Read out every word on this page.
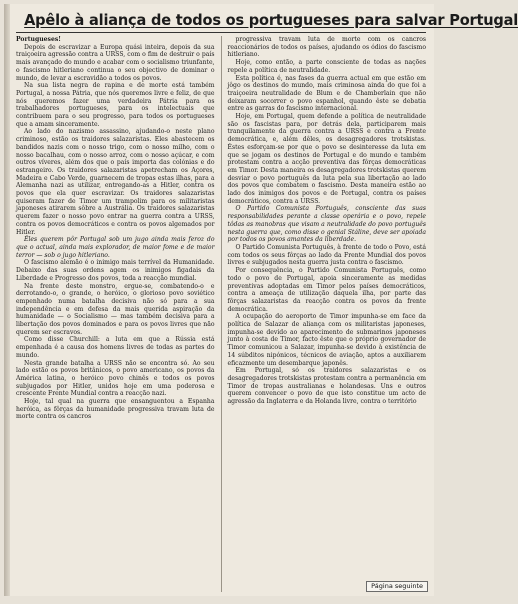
Apêlo à aliança de todos os portugueses para salvar Portugal

Portugueses!

Depois de escravizar a Europa quási inteira, depois da sua traiçoeira agressão contra a URSS, com o fim de destruir o país mais avançado do mundo e acabar com o socialismo triunfante, o fascismo hitleriano continua o seu objectivo de dominar o mundo, de levar a escravidão a todos os povos.

Na sua lista negra de rapina e de morte está também Portugal, a nossa Pátria, que nós queremos livre e feliz, de que nós queremos fazer uma verdadeira Pátria para os trabalhadores portugueses, para os intelectuais que contribuem para o seu progresso, para todos os portugueses que a amam sinceramente.

Ao lado do nazismo assassino, ajudando-o neste plano criminoso, estão os traidores salazaristas. Eles abastecem os bandidos nazis com o nosso trigo, com o nosso milho, com o nosso bacalhau, com o nosso arroz, com o nosso açúcar, e com outros víveres, além dos que o país importa das colónias e do estrangeiro. Os traidores salazaristas apetrecham os Açores, Madeira e Cabo Verde, guarnecem de tropas estas ilhas, para a Alemanha nazi as utilizar, entregando-as a Hitler, contra os povos que ela quer escravizar. Os traidores salazaristas quiseram fazer de Timor um trampolim para os militaristas japoneses atirarem sôbre a Austrália. Os traidores salazaristas querem fazer o nosso povo entrar na guerra contra a URSS, contra os povos democráticos e contra os povos algemados por Hitler.

Êles querem pôr Portugal sob um jugo ainda mais feroz do que o actual, ainda mais explorador, de maior fome e de maior terror — sob o jugo hitleriano.

O fascismo alemão é o inimigo mais terrível da Humanidade. Debaixo das suas ordens agem os inimigos figadais da Liberdade e Progresso dos povos, toda a reacção mundial.

Na frente deste monstro, ergue-se, combatendo-o e derrotando-o, o grande, o heróico, o glorioso povo soviético empenhado numa batalha decisiva não só para a sua independência e em defesa da mais querida aspiração da humanidade — o Socialismo — mas também decisiva para a libertação dos povos dominados e para os povos livres que não querem ser escravos.

Como disse Churchill: a luta em que a Rússia está empenhada é a causa dos homens livres de todas as partes do mundo.

Nesta grande batalha a URSS não se encontra só. Ao seu lado estão os povos britânicos, o povo americano, os povos da América latina, o heróico povo chinês e todos os povos subjugados por Hitler, unidos hoje em uma poderosa e crescente Frente Mundial contra a reacção nazi.

Hoje, tal qual na guerra que ensanguentou a Espanha heróica, as fôrças da humanidade progressiva travam luta de morte contra os cancros

progressiva travam luta de morte com os cancros reaccionários de todos os países, ajudando os ódios do fascismo hitleriano.

Hoje, como então, a parte consciente de todas as nações repele a política de neutralidade.

Esta política é, nas fases da guerra actual em que estão em jôgo os destinos do mundo, mais criminosa ainda do que foi a traiçoeira neutralidade de Blum e de Chamberlain que não deixaram socorrer o povo espanhol, quando êste se debatia entre as garras do fascismo internacional.

Hoje, em Portugal, quem defende a política de neutralidade são os fascistas para, por detrás dela, participarem mais tranquilamente da guerra contra a URSS e contra a Frente democrática, e, além dêles, os desagregadores trotskistas. Êstes esforçam-se por que o povo se desinteresse da luta em que se jogam os destinos de Portugal e do mundo e também protestam contra a acção preventiva das fôrças democráticas em Timor. Desta maneira os desagregadores trotskistas querem desviar o povo português da luta pela sua libertação ao lado dos povos que combatem o fascismo. Desta maneira estão ao lado dos inimigos dos povos e de Portugal, contra os países democráticos, contra a URSS.

O Partido Comunista Português, consciente das suas responsabilidades perante a classe operária e o povo, repele tôdas as manobras que visam a neutralidade do povo português nesta guerra que, como disse o genial Stáline, deve ser apoiada por todos os povos amantes da liberdade.

O Partido Comunista Português, à frente de todo o Povo, está com todos os seus fôrças ao lado da Frente Mundial dos povos livres e subjugados nesta guerra justa contra o fascismo.

Por consequência, o Partido Comunista Português, como todo o povo de Portugal, apoia sinceramente as medidas preventivas adoptadas em Timor pelos países democráticos, contra a ameaça de utilização daquela ilha, por parte das fôrças salazaristas da reacção contra os povos da frente democrática.

A ocupação do aeroporto de Timor impunha-se em face da política de Salazar de aliança com os militaristas japoneses, impunha-se devido ao aparecimento de submarinos japoneses junto à costa de Timor, facto êste que o próprio governador de Timor comunicou a Salazar, impunha-se devido à existência de 14 súbditos nipónicos, técnicos de aviação, aptos a auxiliarem eficazmente um desembarque japonês.

Em Portugal, só os traidores salazaristas e os desagregadores trotskistas protestam contra a permanência em Timor de tropas australianas e holandesas. Uns e outros querem convencer o povo de que isto constitue um acto de agressão da Inglaterra e da Holanda livre, contra o território

Página seguinte
